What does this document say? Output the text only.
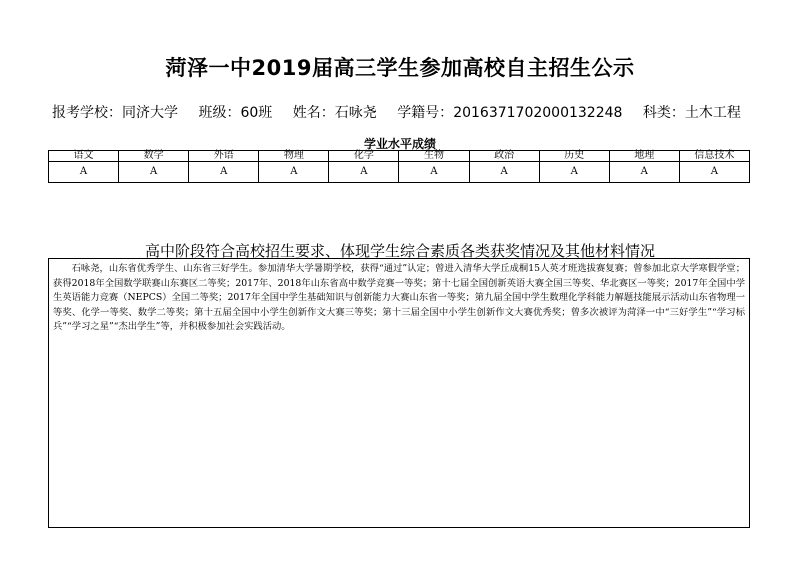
菏泽一中2019届高三学生参加高校自主招生公示
报考学校：同济大学 班级：60班 姓名：石咏尧 学籍号：2016371702000132248 科类：土木工程
学业水平成绩
语文	数学	外语	物理	化学	生物	政治	历史	地理	信息技术
A	A	A	A	A	A	A	A	A	A
高中阶段符合高校招生要求、体现学生综合素质各类获奖情况及其他材料情况
石咏尧，山东省优秀学生、山东省三好学生。参加清华大学暑期学校，获得“通过”认定；曾进入清华大学丘成桐15人英才班选拔赛复赛；曾参加北京大学寒假学堂；获得2018年全国数学联赛山东赛区二等奖；2017年、2018年山东省高中数学竞赛一等奖；第十七届全国创新英语大赛全国三等奖、华北赛区一等奖；2017年全国中学生英语能力竞赛（NEPCS）全国二等奖；2017年全国中学生基础知识与创新能力大赛山东省一等奖；第九届全国中学生数理化学科能力解题技能展示活动山东省物理一等奖、化学一等奖、数学二等奖；第十五届全国中小学生创新作文大赛三等奖；第十三届全国中小学生创新作文大赛优秀奖；曾多次被评为菏泽一中“三好学生”“学习标兵”“学习之星”“杰出学生”等，并积极参加社会实践活动。
